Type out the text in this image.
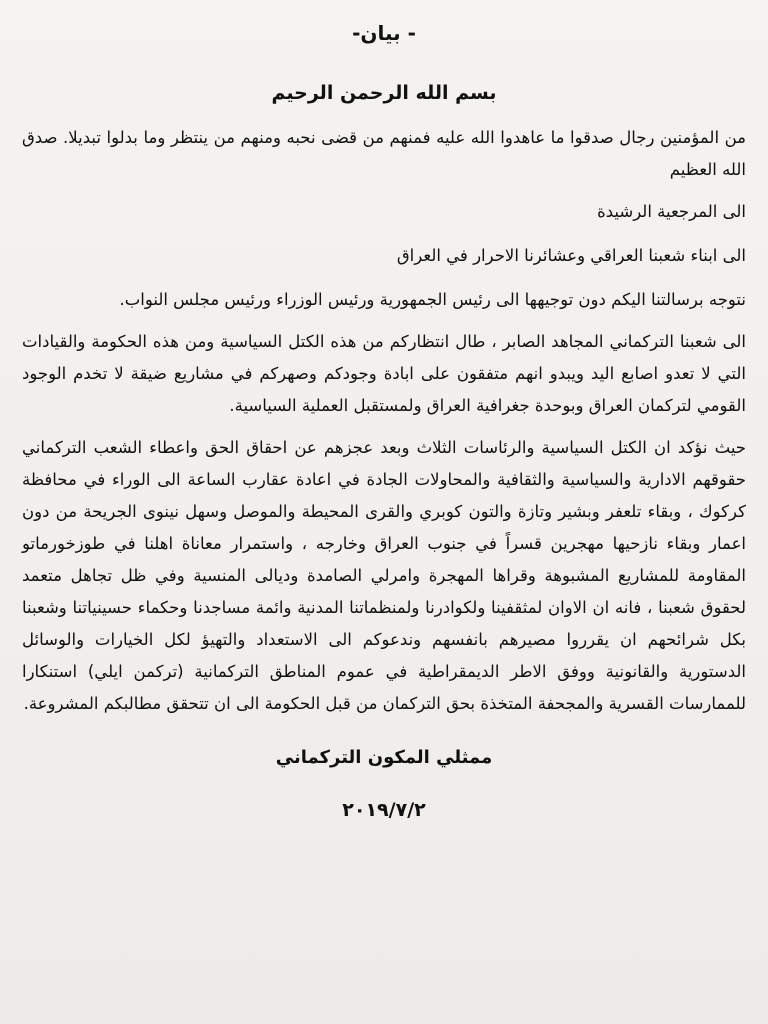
- بيان-

بسم الله الرحمن الرحيم

من المؤمنين رجال صدقوا ما عاهدوا الله عليه فمنهم من قضى نحبه ومنهم من ينتظر وما بدلوا تبديلا. صدق الله العظيم

الى المرجعية الرشيدة

الى ابناء شعبنا العراقي وعشائرنا الاحرار في العراق

نتوجه برسالتنا اليكم دون توجيهها الى رئيس الجمهورية ورئيس الوزراء ورئيس مجلس النواب.

الى شعبنا التركماني المجاهد الصابر ، طال انتظاركم من هذه الكتل السياسية ومن هذه الحكومة والقيادات التي لا تعدو اصابع اليد ويبدو انهم متفقون على ابادة وجودكم وصهركم في مشاريع ضيقة لا تخدم الوجود القومي لتركمان العراق وبوحدة جغرافية العراق ولمستقبل العملية السياسية.

حيث نؤكد ان الكتل السياسية والرئاسات الثلاث وبعد عجزهم عن احقاق الحق واعطاء الشعب التركماني حقوقهم الادارية والسياسية والثقافية والمحاولات الجادة في اعادة عقارب الساعة الى الوراء في محافظة كركوك ، وبقاء تلعفر وبشير وتازة والتون كوبري والقرى المحيطة والموصل وسهل نينوى الجريحة من دون اعمار وبقاء نازحيها مهجرين قسراً في جنوب العراق وخارجه ، واستمرار معاناة اهلنا في طوزخورماتو المقاومة للمشاريع المشبوهة وقراها المهجرة وامرلي الصامدة وديالى المنسية وفي ظل تجاهل متعمد لحقوق شعبنا ، فانه ان الاوان لمثقفينا ولكوادرنا ولمنظماتنا المدنية وائمة مساجدنا وحكماء حسينياتنا وشعبنا بكل شرائحهم ان يقرروا مصيرهم بانفسهم وندعوكم الى الاستعداد والتهيؤ لكل الخيارات والوسائل الدستورية والقانونية ووفق الاطر الديمقراطية في عموم المناطق التركمانية (تركمن ايلي) استنكارا للممارسات القسرية والمجحفة المتخذة بحق التركمان من قبل الحكومة الى ان تتحقق مطالبكم المشروعة.

ممثلي المكون التركماني

٢٠١٩/٧/٢
